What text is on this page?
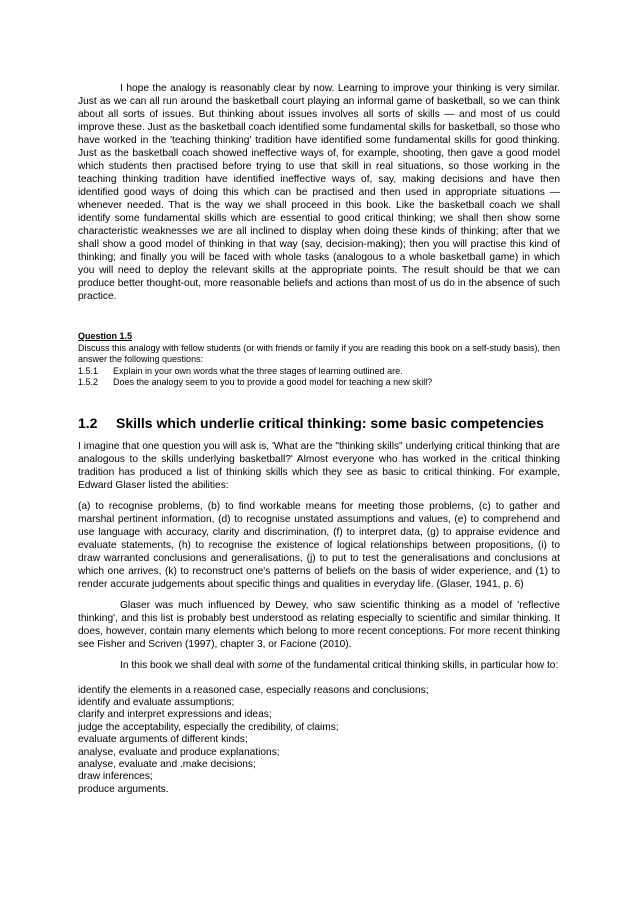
I hope the analogy is reasonably clear by now. Learning to improve your thinking is very similar. Just as we can all run around the basketball court playing an informal game of basketball, so we can think about all sorts of issues. But thinking about issues involves all sorts of skills — and most of us could improve these. Just as the basketball coach identified some fundamental skills for basketball, so those who have worked in the 'teaching thinking' tradition have identified some fundamental skills for good thinking. Just as the basketball coach showed ineffective ways of, for example, shooting, then gave a good model which students then practised before trying to use that skill in real situations, so those working in the teaching thinking tradition have identified ineffective ways of, say, making decisions and have then identified good ways of doing this which can be practised and then used in appropriate situations — whenever needed. That is the way we shall proceed in this book. Like the basketball coach we shall identify some fundamental skills which are essential to good critical thinking; we shall then show some characteristic weaknesses we are all inclined to display when doing these kinds of thinking; after that we shall show a good model of thinking in that way (say, decision-making); then you will practise this kind of thinking; and finally you will be faced with whole tasks (analogous to a whole basketball game) in which you will need to deploy the relevant skills at the appropriate points. The result should be that we can produce better thought-out, more reasonable beliefs and actions than most of us do in the absence of such practice.

Question 1.5
Discuss this analogy with fellow students (or with friends or family if you are reading this book on a self-study basis), then answer the following questions:
1.5.1	Explain in your own words what the three stages of learning outlined are.
1.5.2	Does the analogy seem to you to provide a good model for teaching a new skill?
1.2	Skills which underlie critical thinking: some basic competencies

I imagine that one question you will ask is, 'What are the "thinking skills" underlying critical thinking that are analogous to the skills underlying basketball?' Almost everyone who has worked in the critical thinking tradition has produced a list of thinking skills which they see as basic to critical thinking. For example, Edward Glaser listed the abilities:

(a) to recognise problems, (b) to find workable means for meeting those problems, (c) to gather and marshal pertinent information, (d) to recognise unstated assumptions and values, (e) to comprehend and use language with accuracy, clarity and discrimination, (f) to interpret data, (g) to appraise evidence and evaluate statements, (h) to recognise the existence of logical relationships between propositions, (i) to draw warranted conclusions and generalisations, (j) to put to test the generalisations and conclusions at which one arrives, (k) to reconstruct one's patterns of beliefs on the basis of wider experience, and (1) to render accurate judgements about specific things and qualities in everyday life. (Glaser, 1941, p. 6)

Glaser was much influenced by Dewey, who saw scientific thinking as a model of 'reflective thinking', and this list is probably best understood as relating especially to scientific and similar thinking. It does, however, contain many elements which belong to more recent conceptions. For more recent thinking see Fisher and Scriven (1997), chapter 3, or Facione (2010).

In this book we shall deal with some of the fundamental critical thinking skills, in particular how to:

identify the elements in a reasoned case, especially reasons and conclusions;
identify and evaluate assumptions;
clarify and interpret expressions and ideas;
judge the acceptability, especially the credibility, of claims;
evaluate arguments of different kinds;
analyse, evaluate and produce explanations;
analyse, evaluate and .make decisions;
draw inferences;
produce arguments.
